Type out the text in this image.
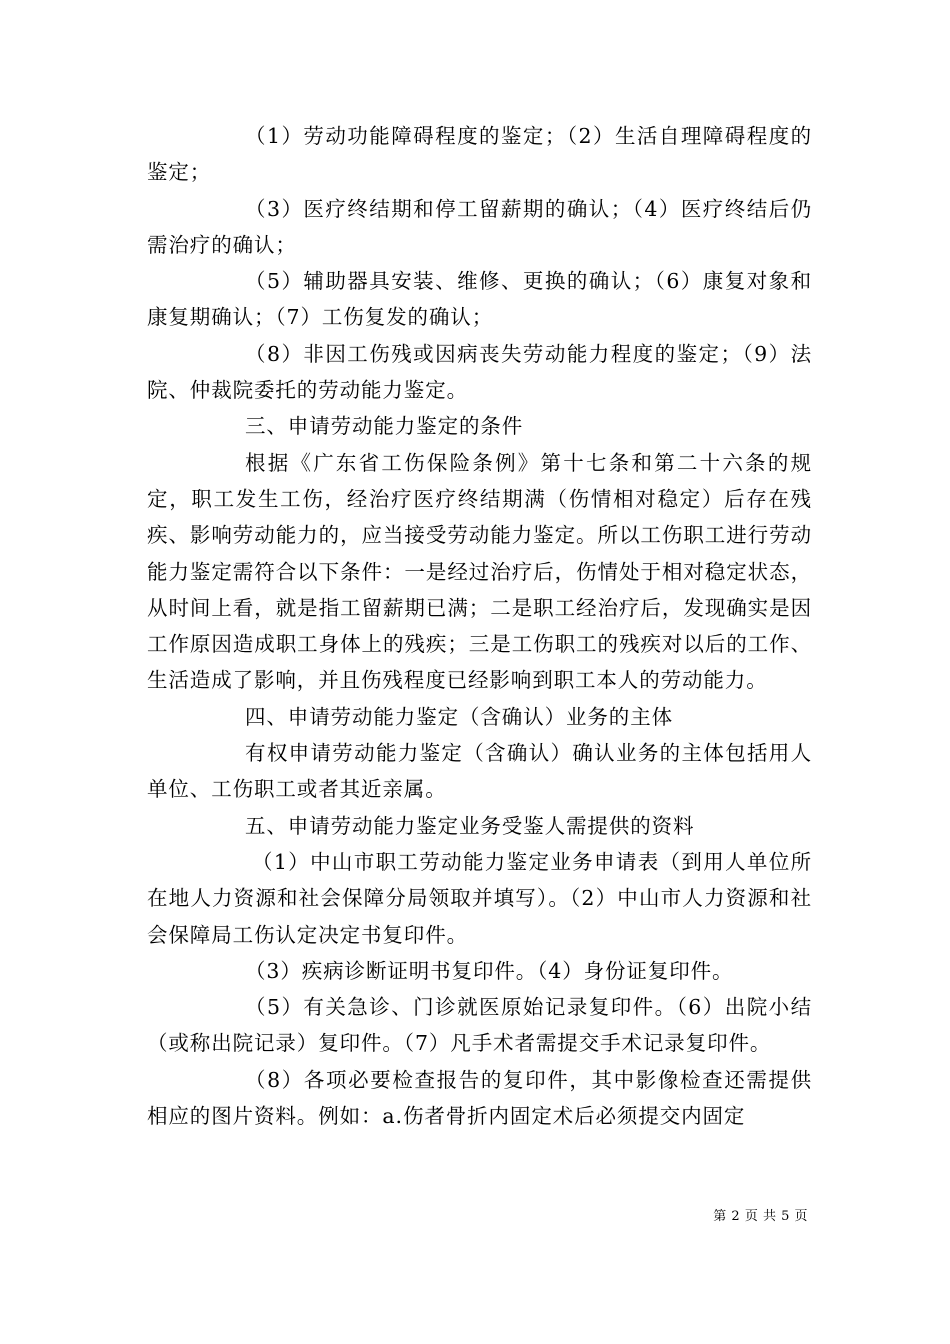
（1）劳动功能障碍程度的鉴定；（2）生活自理障碍程度的鉴定；

（3）医疗终结期和停工留薪期的确认；（4）医疗终结后仍需治疗的确认；

（5）辅助器具安装、维修、更换的确认；（6）康复对象和康复期确认；（7）工伤复发的确认；

（8）非因工伤残或因病丧失劳动能力程度的鉴定；（9）法院、仲裁院委托的劳动能力鉴定。

三、申请劳动能力鉴定的条件

根据《广东省工伤保险条例》第十七条和第二十六条的规定，职工发生工伤，经治疗医疗终结期满（伤情相对稳定）后存在残疾、影响劳动能力的，应当接受劳动能力鉴定。所以工伤职工进行劳动能力鉴定需符合以下条件：一是经过治疗后，伤情处于相对稳定状态，从时间上看，就是指工留薪期已满；二是职工经治疗后，发现确实是因工作原因造成职工身体上的残疾；三是工伤职工的残疾对以后的工作、生活造成了影响，并且伤残程度已经影响到职工本人的劳动能力。

四、申请劳动能力鉴定（含确认）业务的主体

有权申请劳动能力鉴定（含确认）确认业务的主体包括用人单位、工伤职工或者其近亲属。

五、申请劳动能力鉴定业务受鉴人需提供的资料

（1）中山市职工劳动能力鉴定业务申请表（到用人单位所在地人力资源和社会保障分局领取并填写）。（2）中山市人力资源和社会保障局工伤认定决定书复印件。

（3）疾病诊断证明书复印件。（4）身份证复印件。

（5）有关急诊、门诊就医原始记录复印件。（6）出院小结（或称出院记录）复印件。（7）凡手术者需提交手术记录复印件。

（8）各项必要检查报告的复印件，其中影像检查还需提供相应的图片资料。例如：a.伤者骨折内固定术后必须提交内固定

第 2 页 共 5 页
